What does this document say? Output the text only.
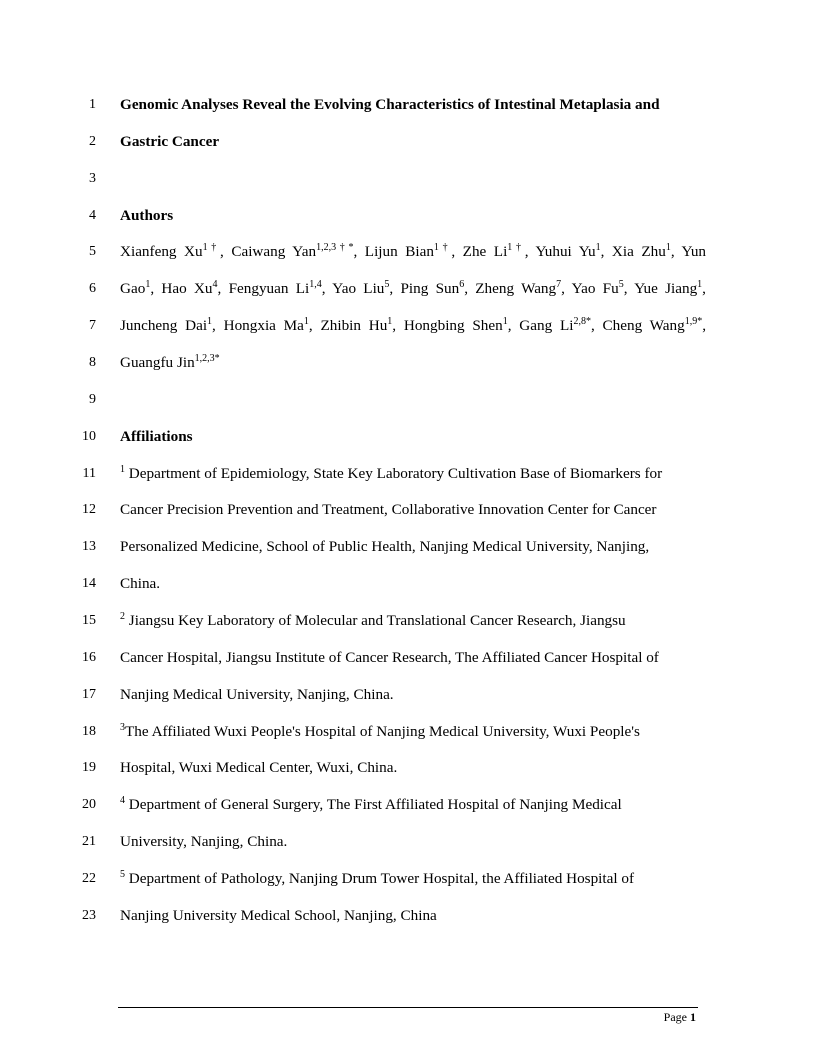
1 Genomic Analyses Reveal the Evolving Characteristics of Intestinal Metaplasia and
2 Gastric Cancer
3
4 Authors
5 Xianfeng $Xu^{1\dagger}$, Caiwang Yan$^{1,2,3\dagger*}$, Lijun Bian$^{1\dagger}$, Zhe $Li^{1\dagger}$, Yuhui Yu$^1$, Xia Zhu$^1$, Yun
6 Gao$^1$, Hao Xu$^4$, Fengyuan Li$^{1,4}$, Yao Liu$^5$, Ping Sun$^6$, Zheng Wang$^7$, Yao Fu$^5$, Yue Jiang$^1$,
7 Juncheng Dai$^1$, Hongxia Ma$^1$, Zhibin Hu$^1$, Hongbing Shen$^1$, Gang $Li^{2,8*}$, Cheng Wang$^{1,9*}$,
8 Guangfu Jin$^{1,2,3*}$
9
10 Affiliations
11 $^1$ Department of Epidemiology, State Key Laboratory Cultivation Base of Biomarkers for
12 Cancer Precision Prevention and Treatment, Collaborative Innovation Center for Cancer
13 Personalized Medicine, School of Public Health, Nanjing Medical University, Nanjing,
14 China.
15 $^2$ Jiangsu Key Laboratory of Molecular and Translational Cancer Research, Jiangsu
16 Cancer Hospital, Jiangsu Institute of Cancer Research, The Affiliated Cancer Hospital of
17 Nanjing Medical University, Nanjing, China.
18 $^3$The Affiliated Wuxi People's Hospital of Nanjing Medical University, Wuxi People's
19 Hospital, Wuxi Medical Center, Wuxi, China.
20 $^4$ Department of General Surgery, The First Affiliated Hospital of Nanjing Medical
21 University, Nanjing, China.
22 $^5$ Department of Pathology, Nanjing Drum Tower Hospital, the Affiliated Hospital of
23 Nanjing University Medical School, Nanjing, China
Page 1
